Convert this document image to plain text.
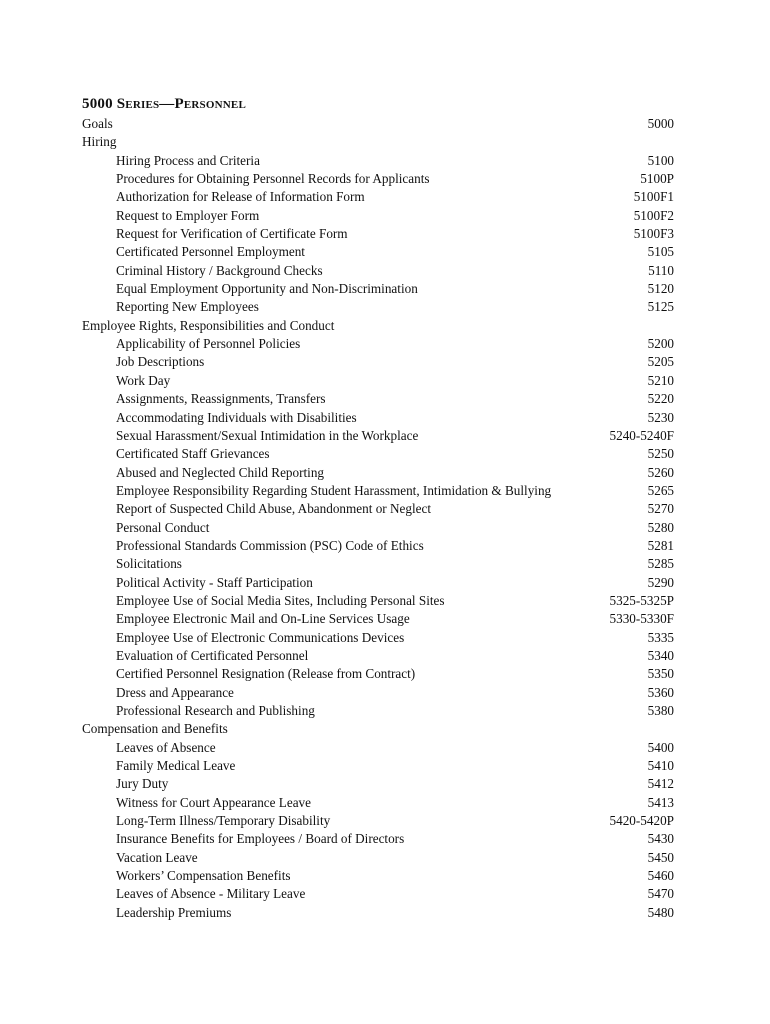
5000 Series—Personnel
Goals	5000
Hiring
Hiring Process and Criteria	5100
Procedures for Obtaining Personnel Records for Applicants	5100P
Authorization for Release of Information Form	5100F1
Request to Employer Form	5100F2
Request for Verification of Certificate Form	5100F3
Certificated Personnel Employment	5105
Criminal History / Background Checks	5110
Equal Employment Opportunity and Non-Discrimination	5120
Reporting New Employees	5125
Employee Rights, Responsibilities and Conduct
Applicability of Personnel Policies	5200
Job Descriptions	5205
Work Day	5210
Assignments, Reassignments, Transfers	5220
Accommodating Individuals with Disabilities	5230
Sexual Harassment/Sexual Intimidation in the Workplace	5240-5240F
Certificated Staff Grievances	5250
Abused and Neglected Child Reporting	5260
Employee Responsibility Regarding Student Harassment, Intimidation & Bullying	5265
Report of Suspected Child Abuse, Abandonment or Neglect	5270
Personal Conduct	5280
Professional Standards Commission (PSC) Code of Ethics	5281
Solicitations	5285
Political Activity - Staff Participation	5290
Employee Use of Social Media Sites, Including Personal Sites	5325-5325P
Employee Electronic Mail and On-Line Services Usage	5330-5330F
Employee Use of Electronic Communications Devices	5335
Evaluation of Certificated Personnel	5340
Certified Personnel Resignation (Release from Contract)	5350
Dress and Appearance	5360
Professional Research and Publishing	5380
Compensation and Benefits
Leaves of Absence	5400
Family Medical Leave	5410
Jury Duty	5412
Witness for Court Appearance Leave	5413
Long-Term Illness/Temporary Disability	5420-5420P
Insurance Benefits for Employees / Board of Directors	5430
Vacation Leave	5450
Workers’ Compensation Benefits	5460
Leaves of Absence - Military Leave	5470
Leadership Premiums	5480
